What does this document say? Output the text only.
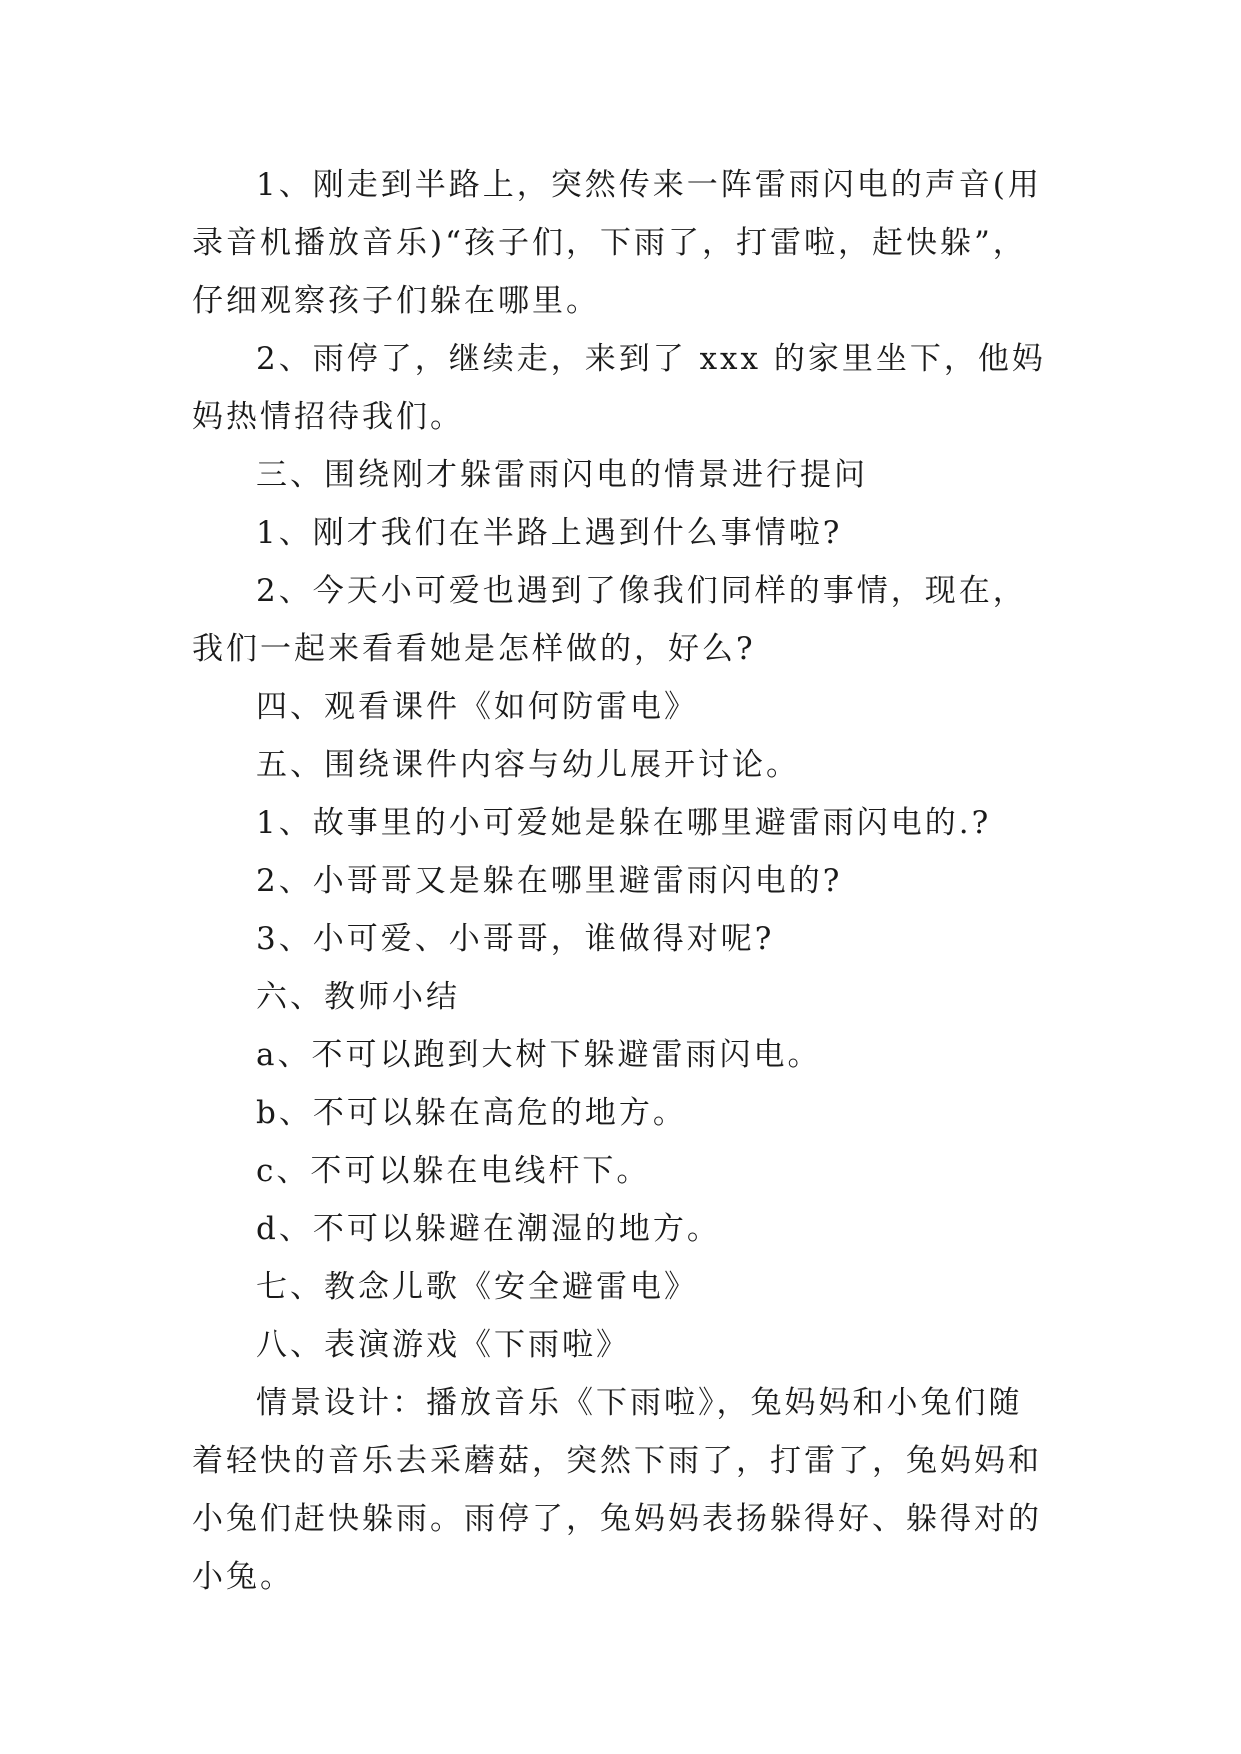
1、刚走到半路上，突然传来一阵雷雨闪电的声音(用录音机播放音乐)“孩子们，下雨了，打雷啦，赶快躲”，仔细观察孩子们躲在哪里。

2、雨停了，继续走，来到了 xxx 的家里坐下，他妈妈热情招待我们。

三、围绕刚才躲雷雨闪电的情景进行提问

1、刚才我们在半路上遇到什么事情啦?

2、今天小可爱也遇到了像我们同样的事情，现在，我们一起来看看她是怎样做的，好么?

四、观看课件《如何防雷电》

五、围绕课件内容与幼儿展开讨论。

1、故事里的小可爱她是躲在哪里避雷雨闪电的.?

2、小哥哥又是躲在哪里避雷雨闪电的?

3、小可爱、小哥哥，谁做得对呢?

六、教师小结

a、不可以跑到大树下躲避雷雨闪电。

b、不可以躲在高危的地方。

c、不可以躲在电线杆下。

d、不可以躲避在潮湿的地方。

七、教念儿歌《安全避雷电》

八、表演游戏《下雨啦》

情景设计：播放音乐《下雨啦》，兔妈妈和小兔们随着轻快的音乐去采蘑菇，突然下雨了，打雷了，兔妈妈和小兔们赶快躲雨。雨停了，兔妈妈表扬躲得好、躲得对的小兔。
